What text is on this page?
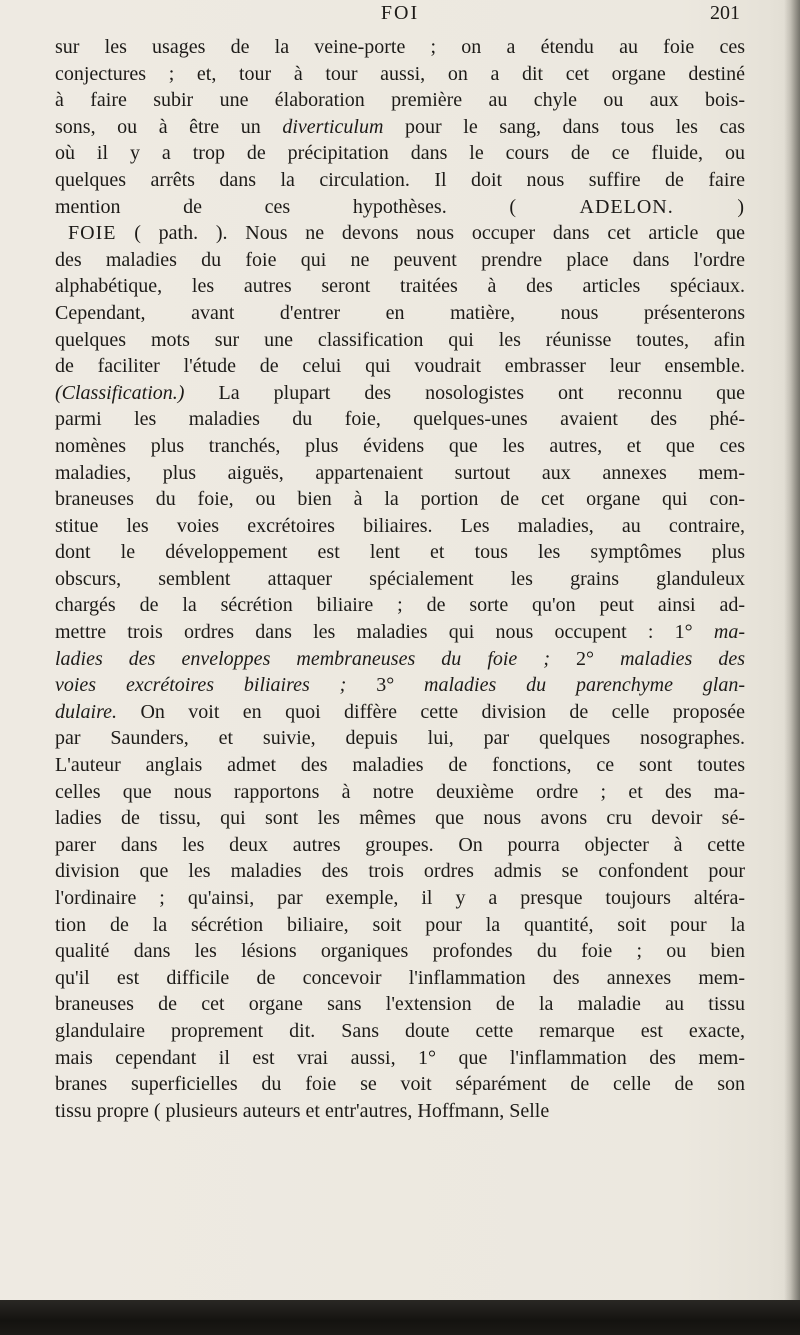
FOI	201
sur les usages de la veine-porte ; on a étendu au foie ces
conjectures ; et, tour à tour aussi, on a dit cet organe destiné
à faire subir une élaboration première au chyle ou aux bois-
sons, ou à être un diverticulum pour le sang, dans tous les cas
où il y a trop de précipitation dans le cours de ce fluide, ou
quelques arrêts dans la circulation. Il doit nous suffire de faire
mention de ces hypothèses.	( ADELON. )
FOIE ( path. ). Nous ne devons nous occuper dans cet article que
des maladies du foie qui ne peuvent prendre place dans l'ordre
alphabétique, les autres seront traitées à des articles spéciaux.
Cependant, avant d'entrer en matière, nous présenterons
quelques mots sur une classification qui les réunisse toutes, afin
de faciliter l'étude de celui qui voudrait embrasser leur ensemble.
(Classification.) La plupart des nosologistes ont reconnu que
parmi les maladies du foie, quelques-unes avaient des phé-
nomènes plus tranchés, plus évidens que les autres, et que ces
maladies, plus aiguës, appartenaient surtout aux annexes mem-
braneuses du foie, ou bien à la portion de cet organe qui con-
stitue les voies excrétoires biliaires. Les maladies, au contraire,
dont le développement est lent et tous les symptômes plus
obscurs, semblent attaquer spécialement les grains glanduleux
chargés de la sécrétion biliaire ; de sorte qu'on peut ainsi ad-
mettre trois ordres dans les maladies qui nous occupent : 1° ma-
ladies des enveloppes membraneuses du foie ; 2° maladies des
voies excrétoires biliaires ; 3° maladies du parenchyme glan-
dulaire. On voit en quoi diffère cette division de celle proposée
par Saunders, et suivie, depuis lui, par quelques nosographes.
L'auteur anglais admet des maladies de fonctions, ce sont toutes
celles que nous rapportons à notre deuxième ordre ; et des ma-
ladies de tissu, qui sont les mêmes que nous avons cru devoir sé-
parer dans les deux autres groupes. On pourra objecter à cette
division que les maladies des trois ordres admis se confondent pour
l'ordinaire ; qu'ainsi, par exemple, il y a presque toujours altéra-
tion de la sécrétion biliaire, soit pour la quantité, soit pour la
qualité dans les lésions organiques profondes du foie ; ou bien
qu'il est difficile de concevoir l'inflammation des annexes mem-
braneuses de cet organe sans l'extension de la maladie au tissu
glandulaire proprement dit. Sans doute cette remarque est exacte,
mais cependant il est vrai aussi, 1° que l'inflammation des mem-
branes superficielles du foie se voit séparément de celle de son
tissu propre ( plusieurs auteurs et entr'autres, Hoffmann, Selle
